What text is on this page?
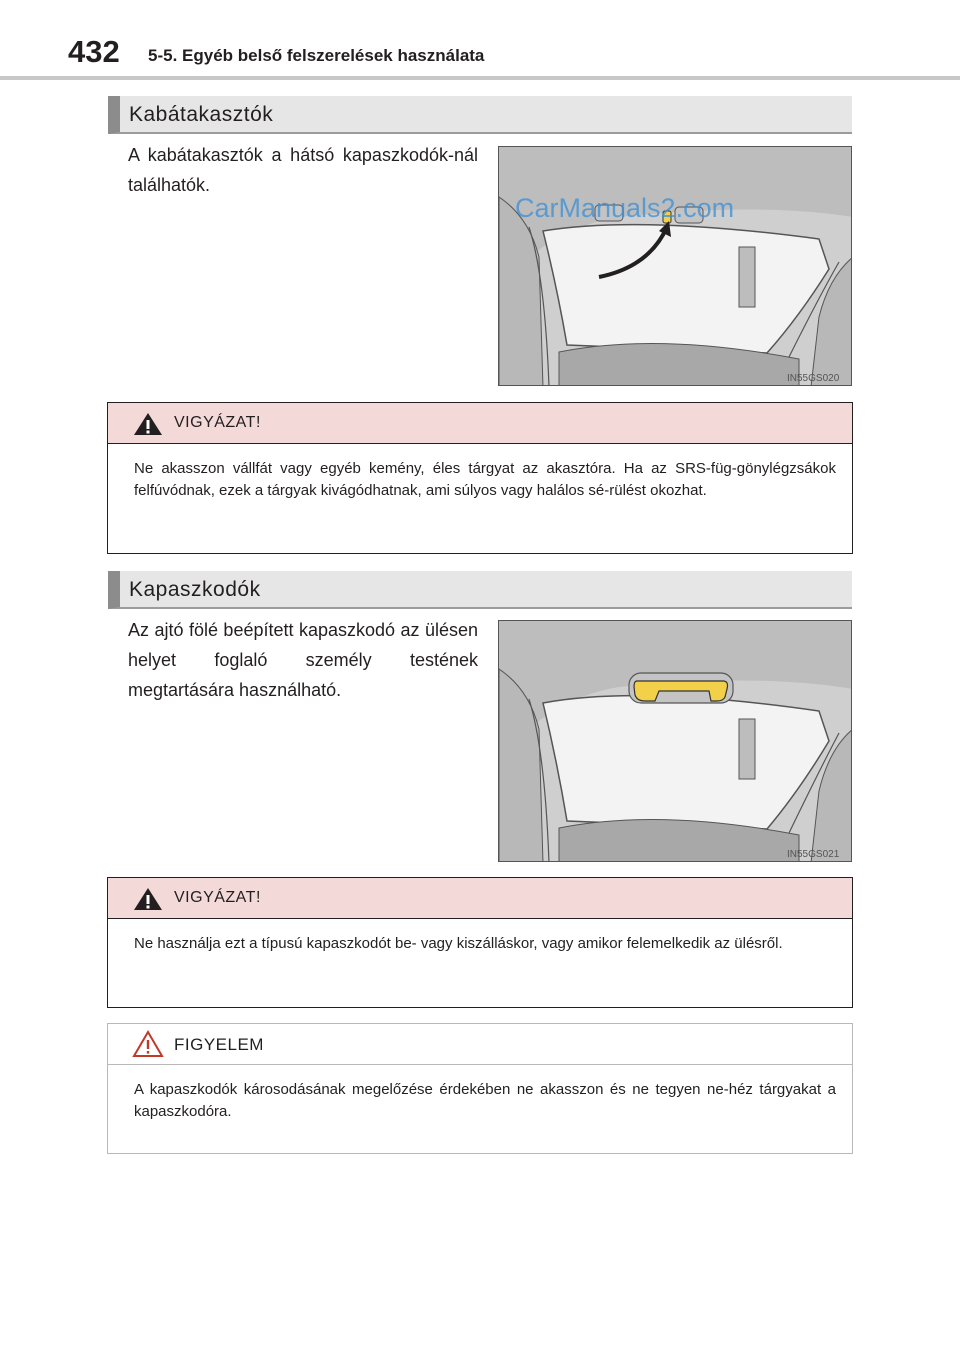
432 5-5. Egyéb belső felszerelések használata
Kabátakasztók
A kabátakasztók a hátsó kapaszkodók-nál találhatók.
CarManuals2.com
IN55GS020
VIGYÁZAT!
Ne akasszon vállfát vagy egyéb kemény, éles tárgyat az akasztóra. Ha az SRS-füg-gönylégzsákok felfúvódnak, ezek a tárgyak kivágódhatnak, ami súlyos vagy halálos sé-rülést okozhat.
Kapaszkodók
Az ajtó fölé beépített kapaszkodó az ülésen helyet foglaló személy testének megtartására használható.
IN55GS021
VIGYÁZAT!
Ne használja ezt a típusú kapaszkodót be- vagy kiszálláskor, vagy amikor felemelkedik az ülésről.
FIGYELEM
A kapaszkodók károsodásának megelőzése érdekében ne akasszon és ne tegyen ne-héz tárgyakat a kapaszkodóra.
